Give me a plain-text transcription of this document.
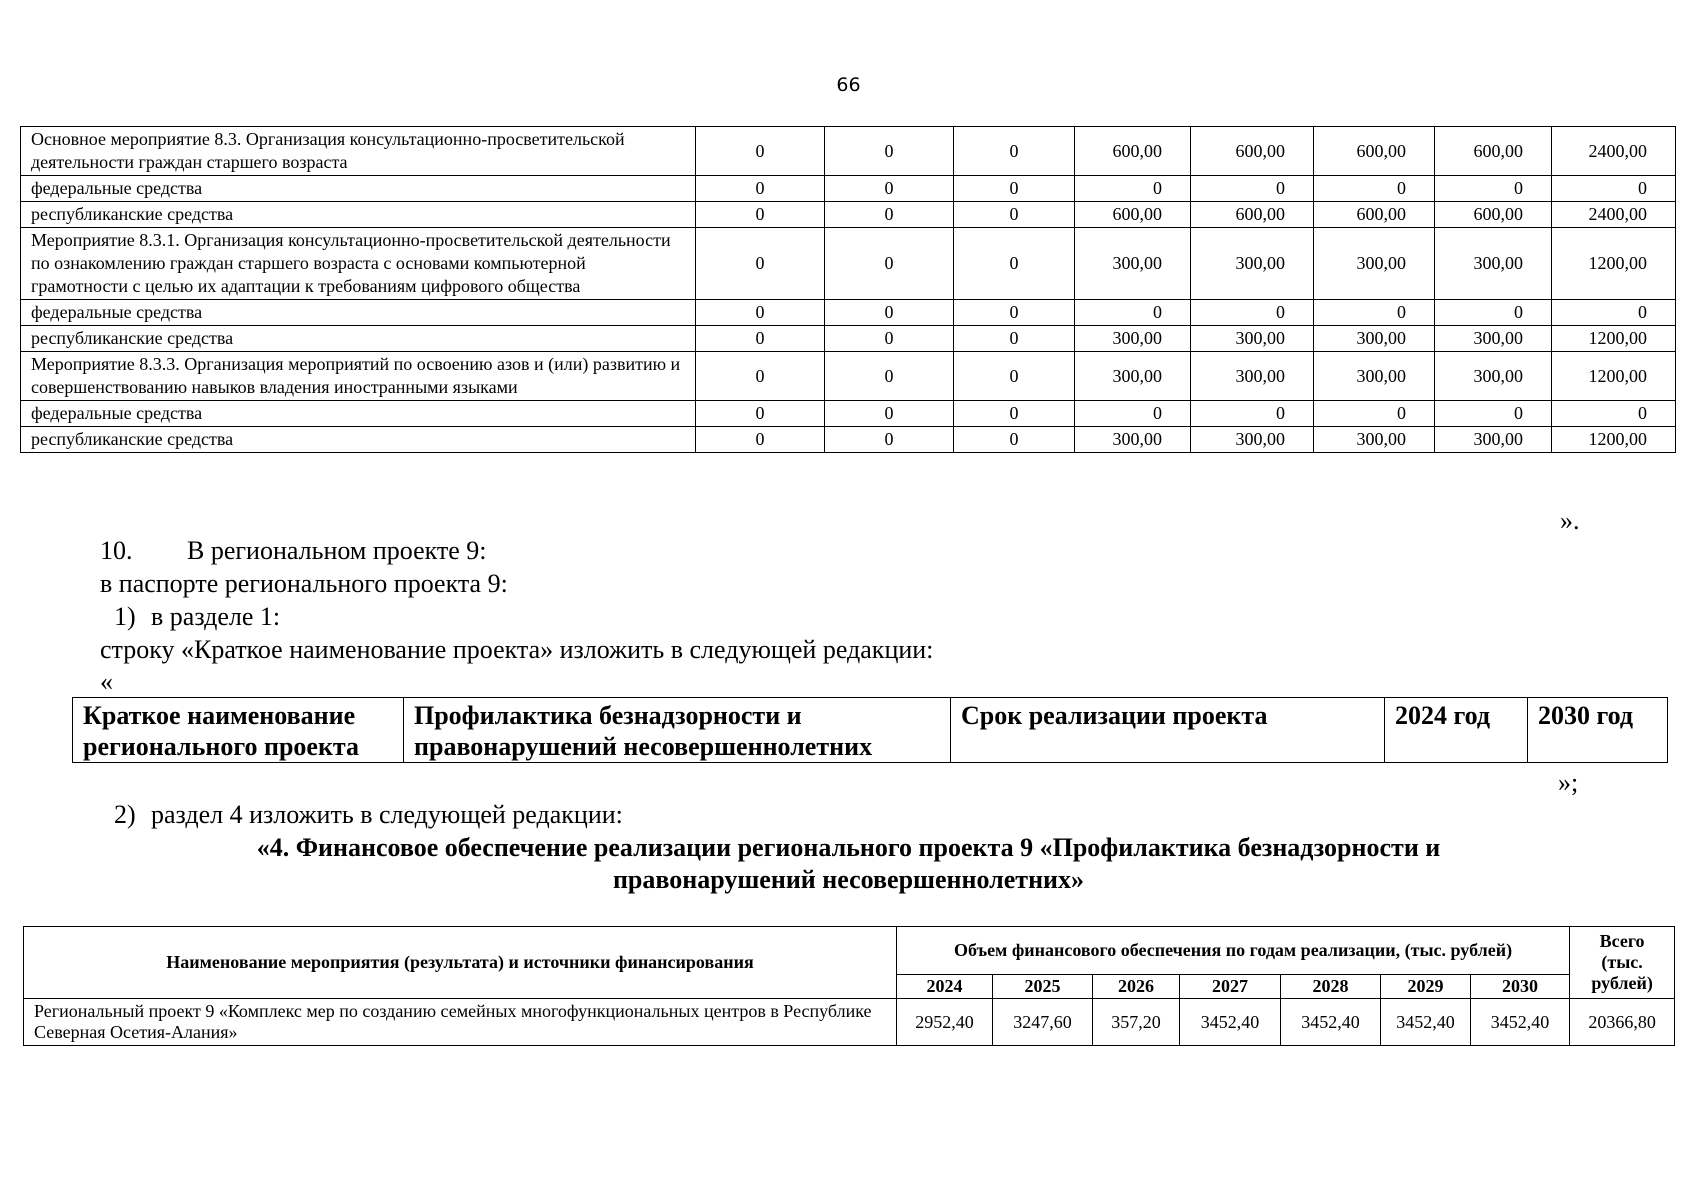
66
Основное мероприятие 8.3. Организация консультационно-просветительской деятельности граждан старшего возраста	0	0	0	600,00	600,00	600,00	600,00	2400,00
федеральные средства	0	0	0	0	0	0	0	0
республиканские средства	0	0	0	600,00	600,00	600,00	600,00	2400,00
Мероприятие 8.3.1. Организация консультационно-просветительской деятельности по ознакомлению граждан старшего возраста с основами компьютерной грамотности с целью их адаптации к требованиям цифрового общества	0	0	0	300,00	300,00	300,00	300,00	1200,00
федеральные средства	0	0	0	0	0	0	0	0
республиканские средства	0	0	0	300,00	300,00	300,00	300,00	1200,00
Мероприятие 8.3.3. Организация мероприятий по освоению азов и (или) развитию и совершенствованию навыков владения иностранными языками	0	0	0	300,00	300,00	300,00	300,00	1200,00
федеральные средства	0	0	0	0	0	0	0	0
республиканские средства	0	0	0	300,00	300,00	300,00	300,00	1200,00
».
10. В региональном проекте 9:
в паспорте регионального проекта 9:
1) в разделе 1:
строку «Краткое наименование проекта» изложить в следующей редакции:
«
Краткое наименование регионального проекта	Профилактика безнадзорности и правонарушений несовершеннолетних	Срок реализации проекта	2024 год	2030 год
»;
2) раздел 4 изложить в следующей редакции:
«4. Финансовое обеспечение реализации регионального проекта 9 «Профилактика безнадзорности и
правонарушений несовершеннолетних»
Наименование мероприятия (результата) и источники финансирования	Объем финансового обеспечения по годам реализации, (тыс. рублей)							Всего (тыс. рублей)
	2024	2025	2026	2027	2028	2029	2030	
Региональный проект 9 «Комплекс мер по созданию семейных многофункциональных центров в Республике Северная Осетия-Алания»	2952,40	3247,60	357,20	3452,40	3452,40	3452,40	3452,40	20366,80
